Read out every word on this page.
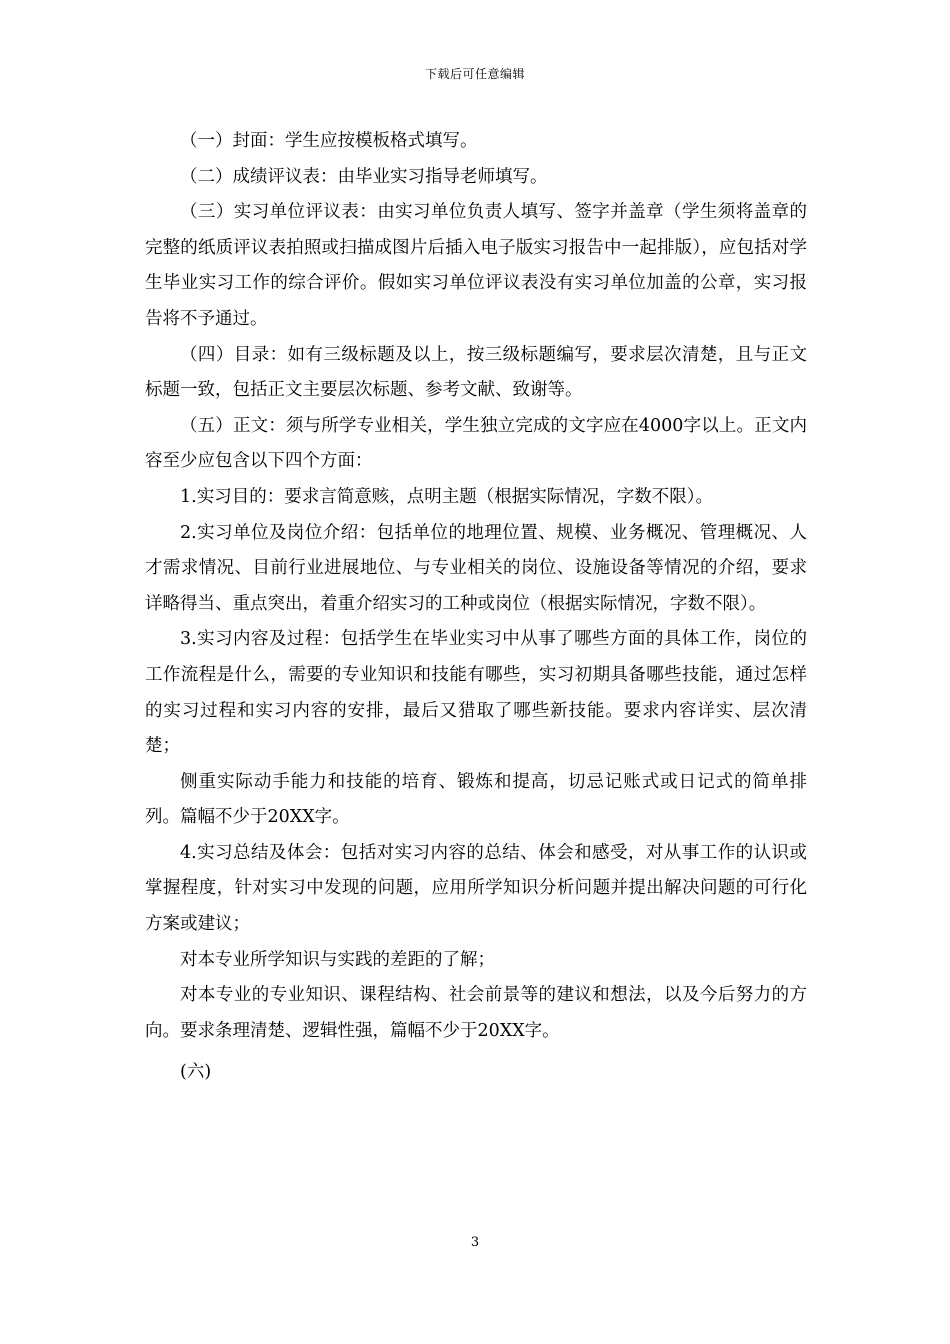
下载后可任意编辑

（一）封面：学生应按模板格式填写。

（二）成绩评议表：由毕业实习指导老师填写。

（三）实习单位评议表：由实习单位负责人填写、签字并盖章（学生须将盖章的完整的纸质评议表拍照或扫描成图片后插入电子版实习报告中一起排版），应包括对学生毕业实习工作的综合评价。假如实习单位评议表没有实习单位加盖的公章，实习报告将不予通过。

（四）目录：如有三级标题及以上，按三级标题编写，要求层次清楚，且与正文标题一致，包括正文主要层次标题、参考文献、致谢等。

（五）正文：须与所学专业相关，学生独立完成的文字应在4000字以上。正文内容至少应包含以下四个方面：

1.实习目的：要求言简意赅，点明主题（根据实际情况，字数不限）。

2.实习单位及岗位介绍：包括单位的地理位置、规模、业务概况、管理概况、人才需求情况、目前行业进展地位、与专业相关的岗位、设施设备等情况的介绍，要求详略得当、重点突出，着重介绍实习的工种或岗位（根据实际情况，字数不限）。

3.实习内容及过程：包括学生在毕业实习中从事了哪些方面的具体工作，岗位的工作流程是什么，需要的专业知识和技能有哪些，实习初期具备哪些技能，通过怎样的实习过程和实习内容的安排，最后又猎取了哪些新技能。要求内容详实、层次清楚；

侧重实际动手能力和技能的培育、锻炼和提高，切忌记账式或日记式的简单排列。篇幅不少于20XX字。

4.实习总结及体会：包括对实习内容的总结、体会和感受，对从事工作的认识或掌握程度，针对实习中发现的问题，应用所学知识分析问题并提出解决问题的可行化方案或建议；

对本专业所学知识与实践的差距的了解；

对本专业的专业知识、课程结构、社会前景等的建议和想法，以及今后努力的方向。要求条理清楚、逻辑性强，篇幅不少于20XX字。

(六)

3
